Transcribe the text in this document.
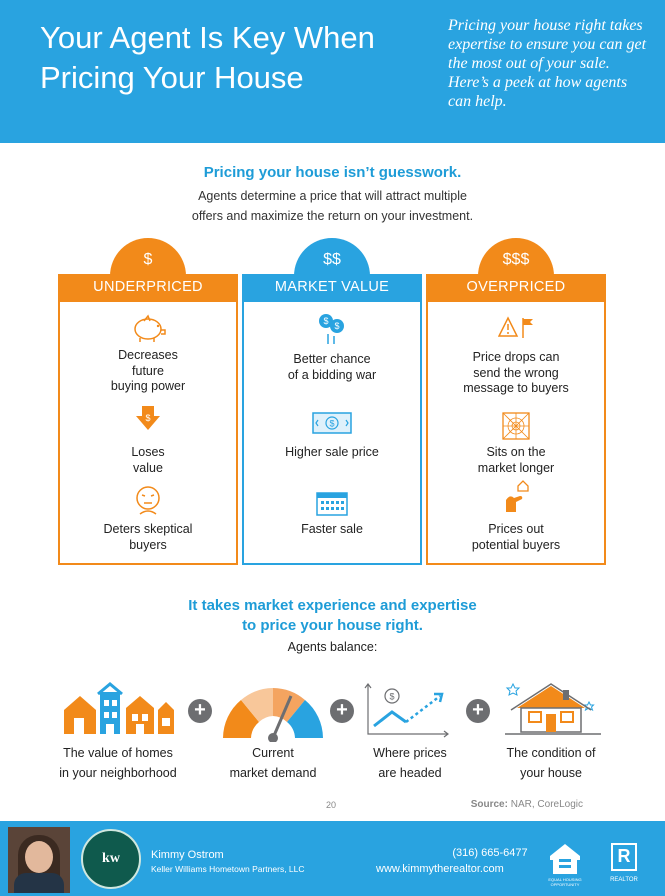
Your Agent Is Key When Pricing Your House
Pricing your house right takes expertise to ensure you can get the most out of your sale. Here’s a peek at how agents can help.
Pricing your house isn’t guesswork.
Agents determine a price that will attract multiple
offers and maximize the return on your investment.
$
UNDERPRICED
Decreases
future
buying power
$
Loses
value
Deters skeptical
buyers
$$
MARKET VALUE
$ $
Better chance
of a bidding war
$
Higher sale price
Faster sale
$$$
OVERPRICED
Price drops can
send the wrong
message to buyers
Sits on the
market longer
Prices out
potential buyers
It takes market experience and expertise
to price your house right.
Agents balance:
The value of homes
in your neighborhood
+
Current
market demand
+
$
Where prices
are headed
+
The condition of
your house
20	Source: NAR, CoreLogic
kw	Kimmy Ostrom
Keller Williams Hometown Partners, LLC
(316) 665-6477
www.kimmytherealtor.com
EQUAL HOUSING OPPORTUNITY
R
REALTOR
